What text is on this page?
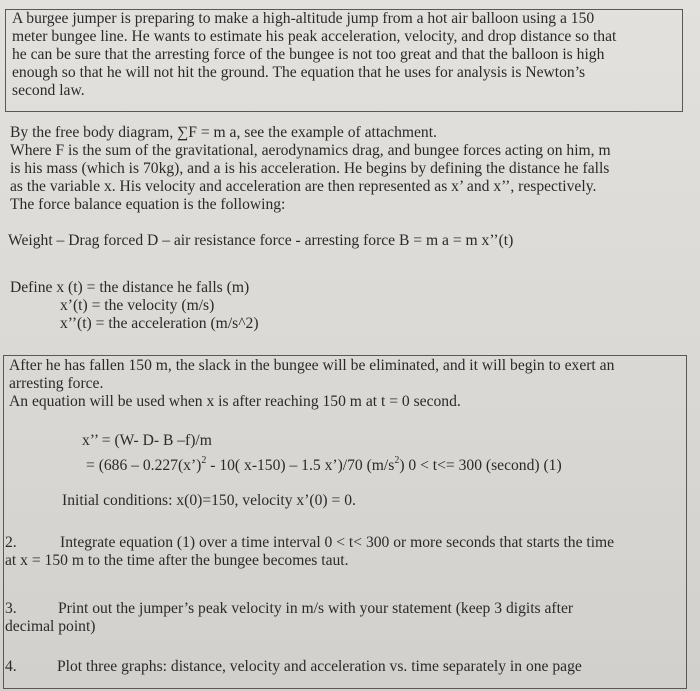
A burgee jumper is preparing to make a high-altitude jump from a hot air balloon using a 150
meter bungee line. He wants to estimate his peak acceleration, velocity, and drop distance so that
he can be sure that the arresting force of the bungee is not too great and that the balloon is high
enough so that he will not hit the ground. The equation that he uses for analysis is Newton’s
second law.
By the free body diagram, ∑F = m a, see the example of attachment.
Where F is the sum of the gravitational, aerodynamics drag, and bungee forces acting on him, m
is his mass (which is 70kg), and a is his acceleration. He begins by defining the distance he falls
as the variable x. His velocity and acceleration are then represented as x’ and x’’, respectively.
The force balance equation is the following:
Weight – Drag forced D – air resistance force - arresting force B = m a = m x’’(t)
Define x (t) = the distance he falls (m)
x’(t) = the velocity (m/s)
x’’(t) = the acceleration (m/s^2)
After he has fallen 150 m, the slack in the bungee will be eliminated, and it will begin to exert an
arresting force.
An equation will be used when x is after reaching 150 m at t = 0 second.
x’’ = (W- D- B –f)/m
= (686 – 0.227(x’)$^2$ - 10( x-150) – 1.5 x’)/70 $(m/s^2) 0 < t<= 300$ (second) (1)
Initial conditions: x(0)=150, velocity x’(0) = 0.
2.	Integrate equation (1) over a time interval 0 < t< 300 or more seconds that starts the time
at x = 150 m to the time after the bungee becomes taut.
3.	Print out the jumper’s peak velocity in m/s with your statement (keep 3 digits after
decimal point)
4.	Plot three graphs: distance, velocity and acceleration vs. time separately in one page
